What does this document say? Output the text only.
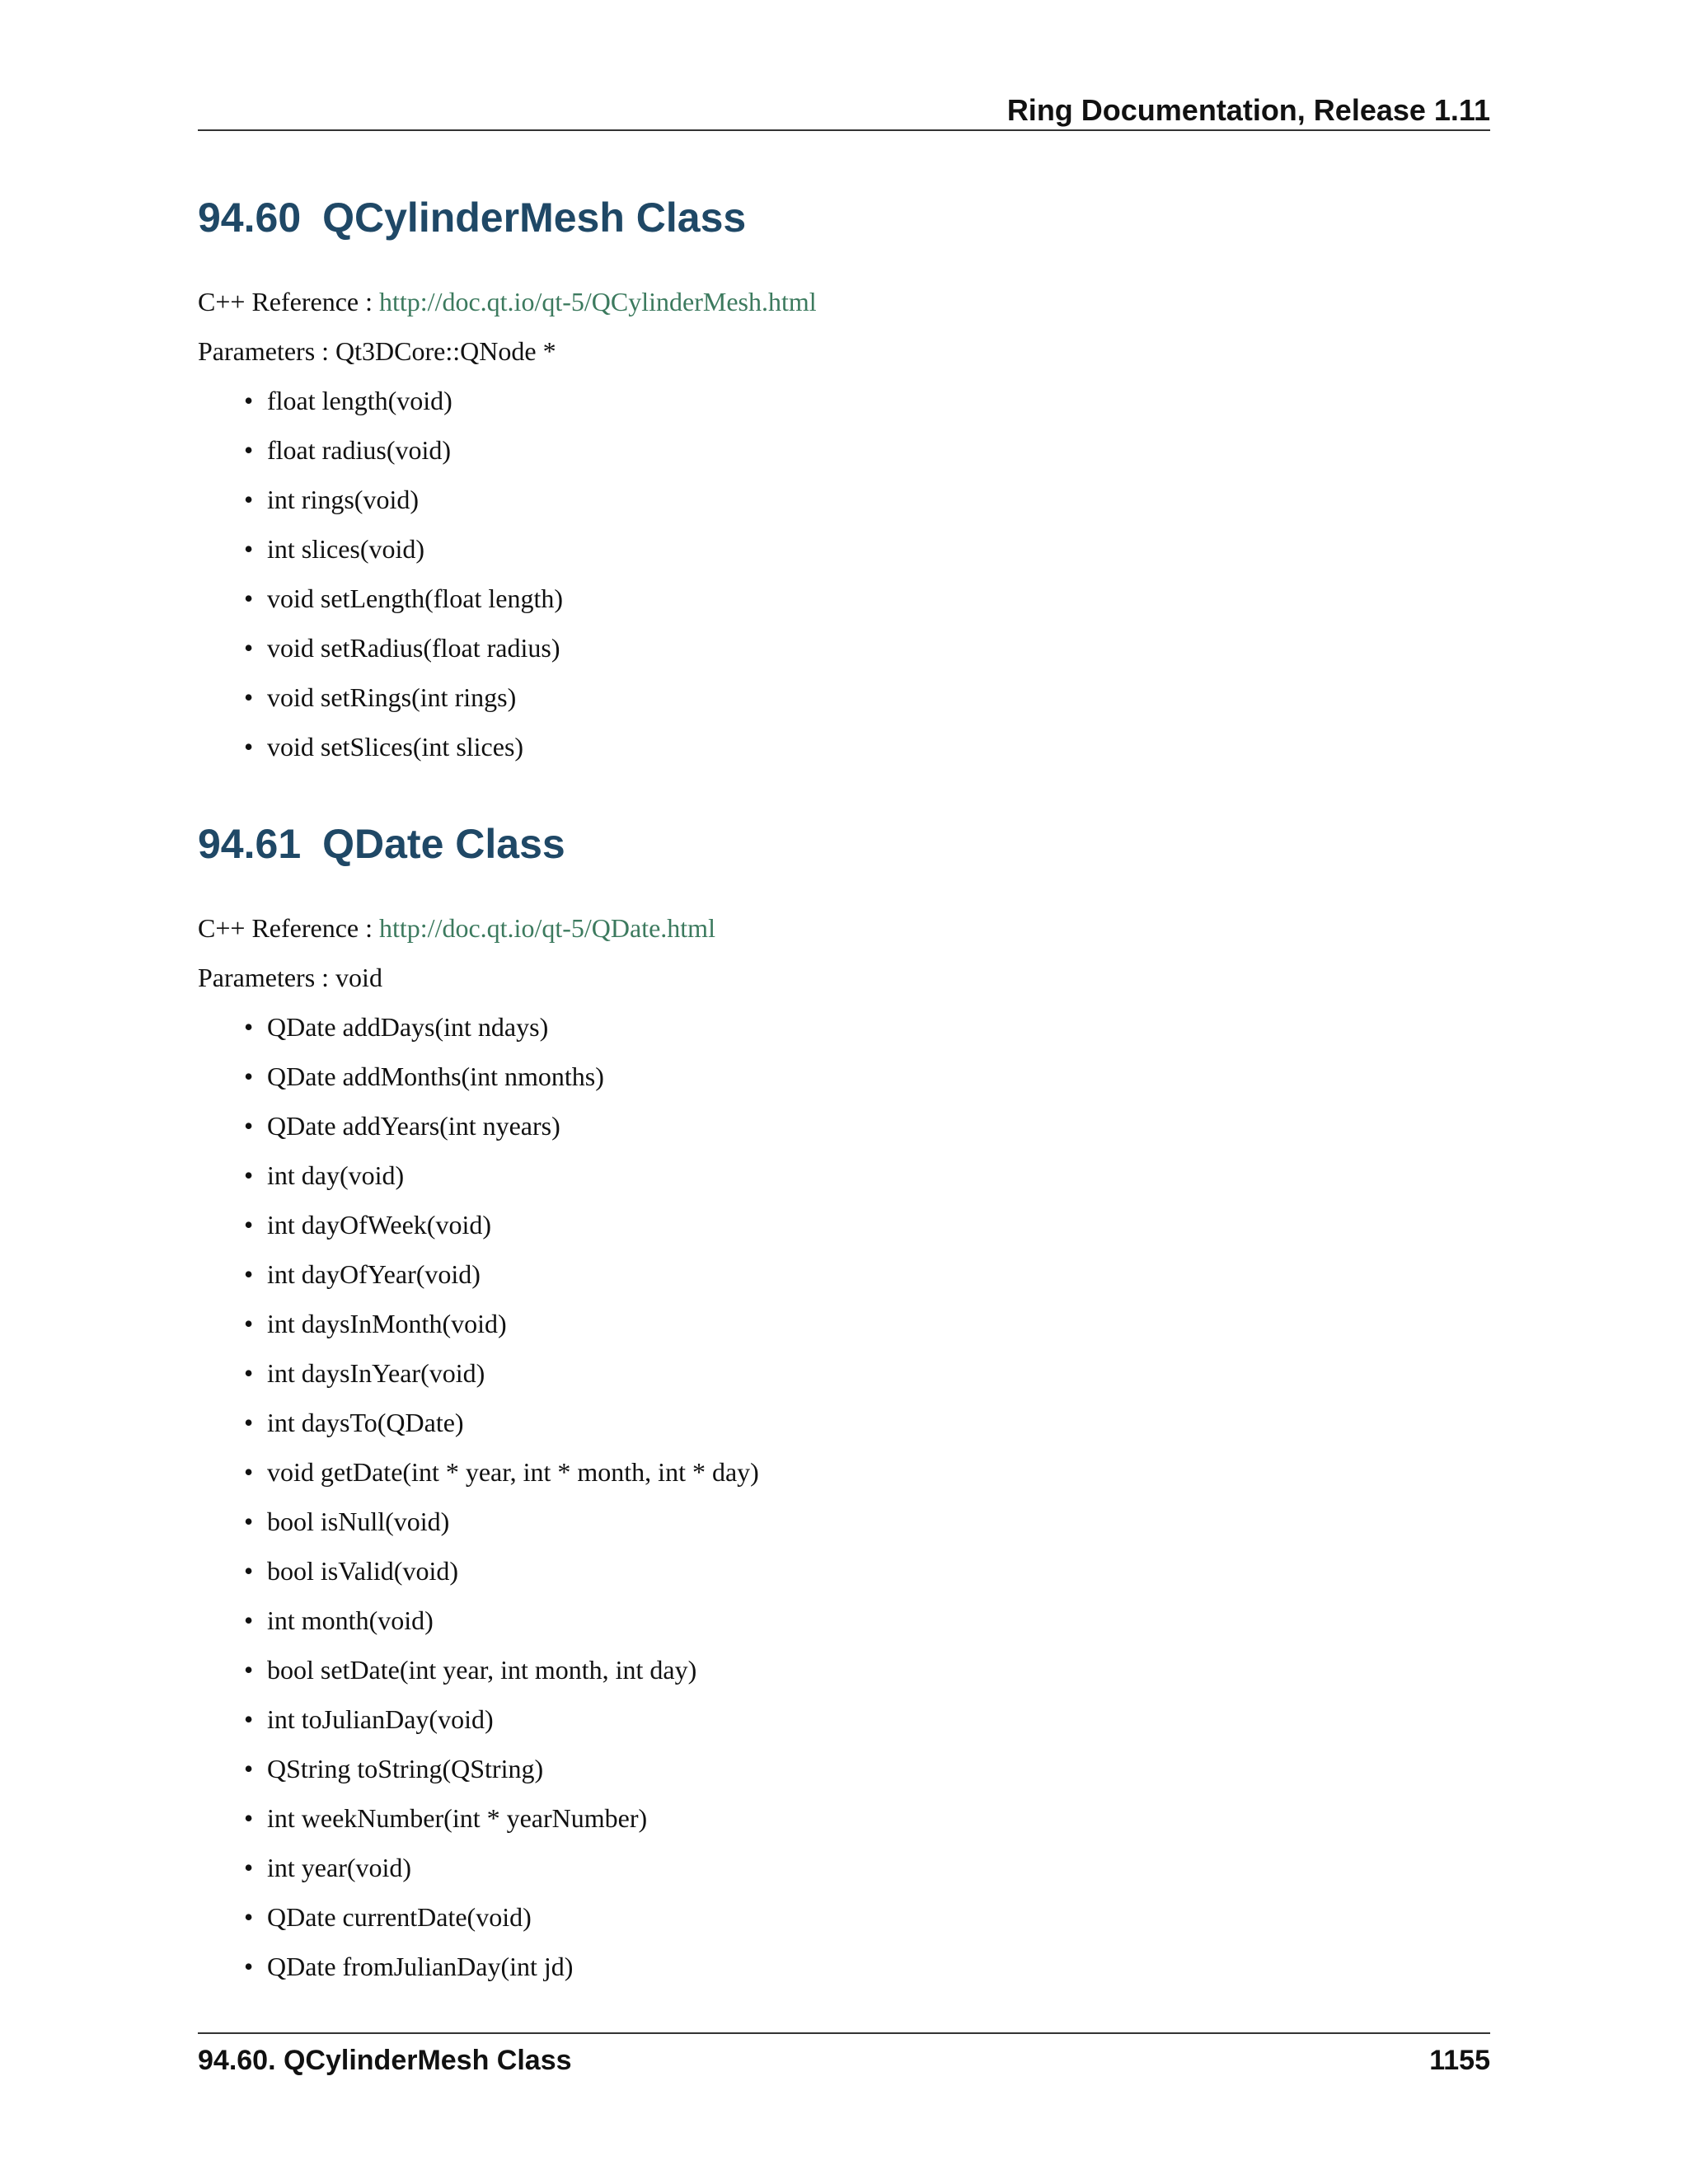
Ring Documentation, Release 1.11
94.60 QCylinderMesh Class

C++ Reference : http://doc.qt.io/qt-5/QCylinderMesh.html

Parameters : Qt3DCore::QNode *

• float length(void)
• float radius(void)
• int rings(void)
• int slices(void)
• void setLength(float length)
• void setRadius(float radius)
• void setRings(int rings)
• void setSlices(int slices)
94.61 QDate Class

C++ Reference : http://doc.qt.io/qt-5/QDate.html

Parameters : void

• QDate addDays(int ndays)
• QDate addMonths(int nmonths)
• QDate addYears(int nyears)
• int day(void)
• int dayOfWeek(void)
• int dayOfYear(void)
• int daysInMonth(void)
• int daysInYear(void)
• int daysTo(QDate)
• void getDate(int * year, int * month, int * day)
• bool isNull(void)
• bool isValid(void)
• int month(void)
• bool setDate(int year, int month, int day)
• int toJulianDay(void)
• QString toString(QString)
• int weekNumber(int * yearNumber)
• int year(void)
• QDate currentDate(void)
• QDate fromJulianDay(int jd)
94.60. QCylinderMesh Class	1155
